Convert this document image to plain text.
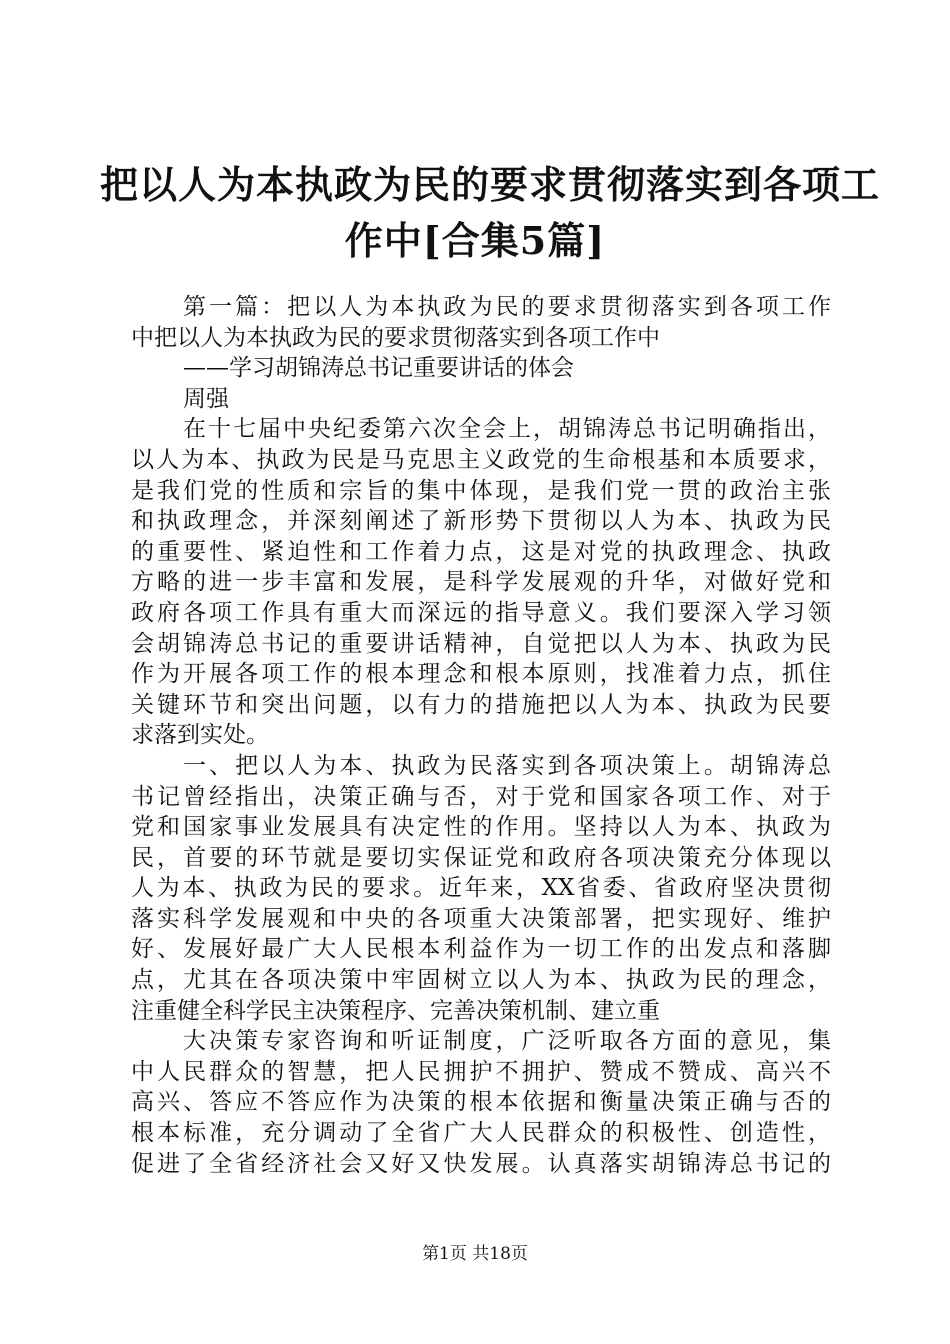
把以人为本执政为民的要求贯彻落实到各项工
作中[合集5篇]
第一篇：把以人为本执政为民的要求贯彻落实到各项工作
中把以人为本执政为民的要求贯彻落实到各项工作中
——学习胡锦涛总书记重要讲话的体会
周强
在十七届中央纪委第六次全会上，胡锦涛总书记明确指出，
以人为本、执政为民是马克思主义政党的生命根基和本质要求，
是我们党的性质和宗旨的集中体现，是我们党一贯的政治主张
和执政理念，并深刻阐述了新形势下贯彻以人为本、执政为民
的重要性、紧迫性和工作着力点，这是对党的执政理念、执政
方略的进一步丰富和发展，是科学发展观的升华，对做好党和
政府各项工作具有重大而深远的指导意义。我们要深入学习领
会胡锦涛总书记的重要讲话精神，自觉把以人为本、执政为民
作为开展各项工作的根本理念和根本原则，找准着力点，抓住
关键环节和突出问题，以有力的措施把以人为本、执政为民要
求落到实处。
一、把以人为本、执政为民落实到各项决策上。胡锦涛总
书记曾经指出，决策正确与否，对于党和国家各项工作、对于
党和国家事业发展具有决定性的作用。坚持以人为本、执政为
民，首要的环节就是要切实保证党和政府各项决策充分体现以
人为本、执政为民的要求。近年来，XX省委、省政府坚决贯彻
落实科学发展观和中央的各项重大决策部署，把实现好、维护
好、发展好最广大人民根本利益作为一切工作的出发点和落脚
点，尤其在各项决策中牢固树立以人为本、执政为民的理念，
注重健全科学民主决策程序、完善决策机制、建立重
大决策专家咨询和听证制度，广泛听取各方面的意见，集
中人民群众的智慧，把人民拥护不拥护、赞成不赞成、高兴不
高兴、答应不答应作为决策的根本依据和衡量决策正确与否的
根本标准，充分调动了全省广大人民群众的积极性、创造性，
促进了全省经济社会又好又快发展。认真落实胡锦涛总书记的
第1页 共18页
